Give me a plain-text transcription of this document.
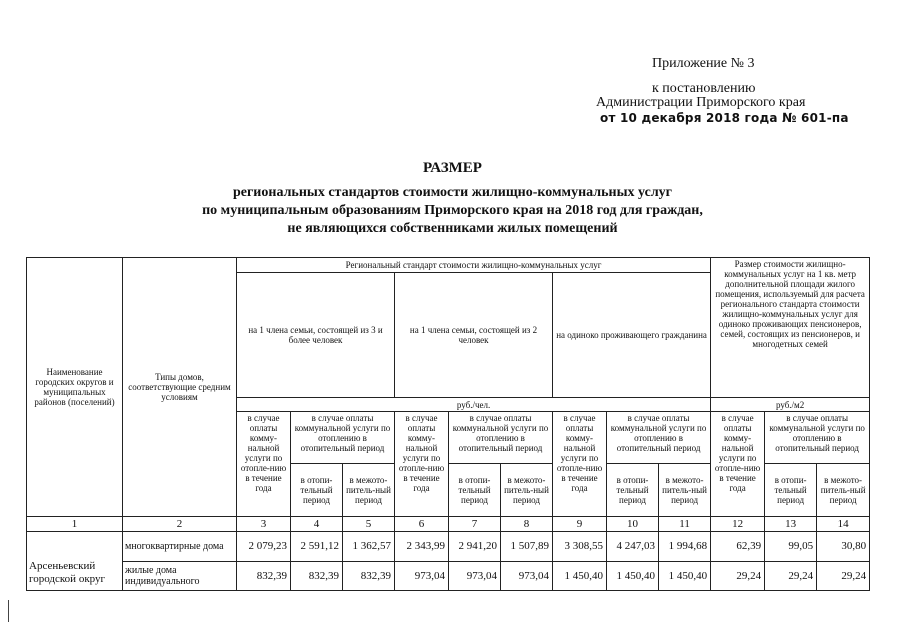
Приложение № 3
к постановлению
Администрации Приморского края
от 10 декабря 2018 года № 601-па
РАЗМЕР
региональных стандартов стоимости жилищно-коммунальных услуг
по муниципальным образованиям Приморского края на 2018 год для граждан,
не являющихся собственниками жилых помещений
Наименование городских округов и муниципальных районов (поселений)	Типы домов, соответствующие средним условиям	Региональный стандарт стоимости жилищно-коммунальных услуг									Размер стоимости жилищно-коммунальных услуг на 1 кв. метр дополнительной площади жилого помещения, используемый для расчета регионального стандарта стоимости жилищно-коммунальных услуг для одиноко проживающих пенсионеров, семей, состоящих из пенсионеров, и многодетных семей		
		на 1 члена семьи, состоящей из 3 и более человек			на 1 члена семьи, состоящей из 2 человек			на одиноко проживающего гражданина					
		руб./чел.									руб./м2		
		в случае оплаты комму-нальной услуги по отопле-нию в течение года	в случае оплаты коммунальной услуги по отоплению в отопительный период		в случае оплаты комму-нальной услуги по отопле-нию в течение года	в случае оплаты коммунальной услуги по отоплению в отопительный период		в случае оплаты комму-нальной услуги по отопле-нию в течение года	в случае оплаты коммунальной услуги по отоплению в отопительный период		в случае оплаты комму-нальной услуги по отопле-нию в течение года	в случае оплаты коммунальной услуги по отоплению в отопительный период	
			в отопи-тельный период	в межото-питель-ный период		в отопи-тельный период	в межото-питель-ный период		в отопи-тельный период	в межото-питель-ный период		в отопи-тельный период	в межото-питель-ный период
1	2	3	4	5	6	7	8	9	10	11	12	13	14
Арсеньевский городской округ	многоквартирные дома	2 079,23	2 591,12	1 362,57	2 343,99	2 941,20	1 507,89	3 308,55	4 247,03	1 994,68	62,39	99,05	30,80
	жилые дома индивидуального	832,39	832,39	832,39	973,04	973,04	973,04	1 450,40	1 450,40	1 450,40	29,24	29,24	29,24
